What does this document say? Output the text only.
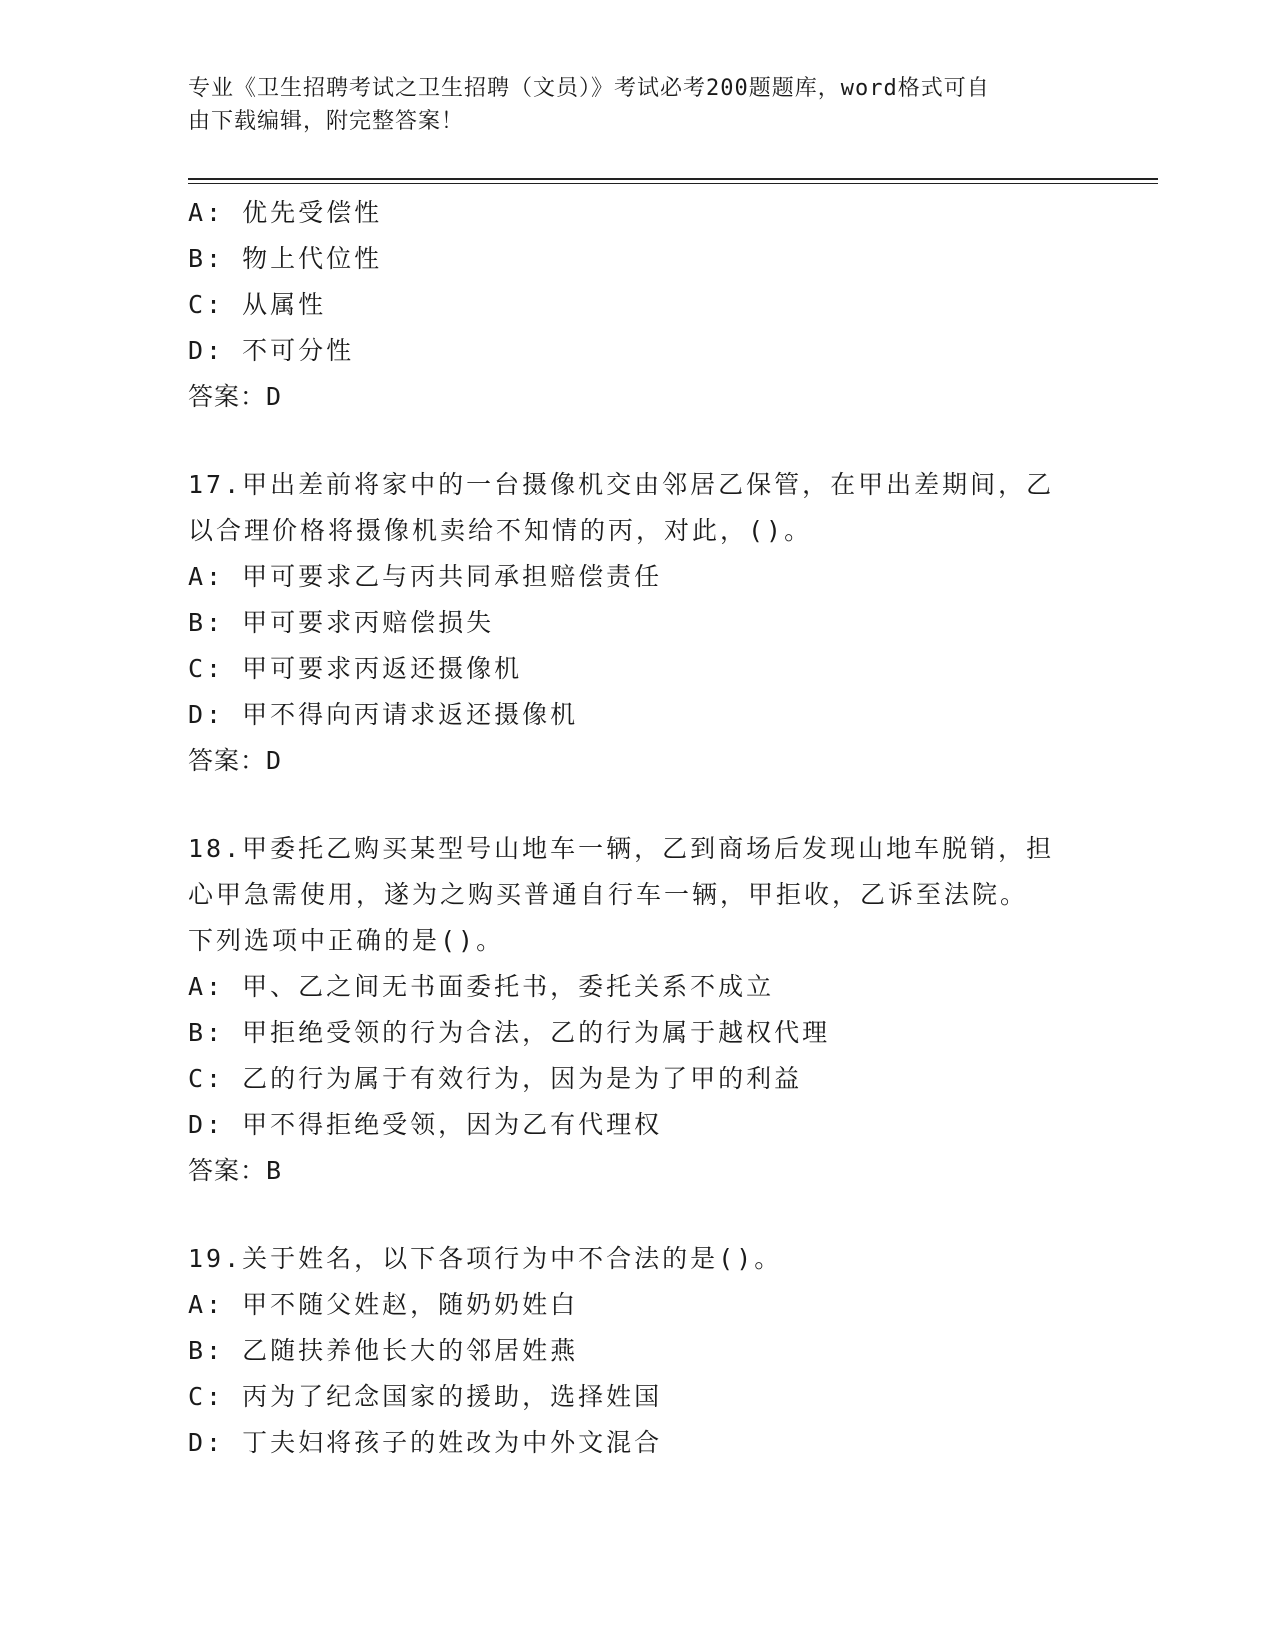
专业《卫生招聘考试之卫生招聘（文员）》考试必考200题题库，word格式可自
由下载编辑，附完整答案！
A: 优先受偿性
B: 物上代位性
C: 从属性
D: 不可分性
答案：D
17.甲出差前将家中的一台摄像机交由邻居乙保管，在甲出差期间，乙
以合理价格将摄像机卖给不知情的丙，对此，()。
A: 甲可要求乙与丙共同承担赔偿责任
B: 甲可要求丙赔偿损失
C: 甲可要求丙返还摄像机
D: 甲不得向丙请求返还摄像机
答案：D
18.甲委托乙购买某型号山地车一辆，乙到商场后发现山地车脱销，担
心甲急需使用，遂为之购买普通自行车一辆，甲拒收，乙诉至法院。
下列选项中正确的是()。
A: 甲、乙之间无书面委托书，委托关系不成立
B: 甲拒绝受领的行为合法，乙的行为属于越权代理
C: 乙的行为属于有效行为，因为是为了甲的利益
D: 甲不得拒绝受领，因为乙有代理权
答案：B
19.关于姓名，以下各项行为中不合法的是()。
A: 甲不随父姓赵，随奶奶姓白
B: 乙随扶养他长大的邻居姓燕
C: 丙为了纪念国家的援助，选择姓国
D: 丁夫妇将孩子的姓改为中外文混合
